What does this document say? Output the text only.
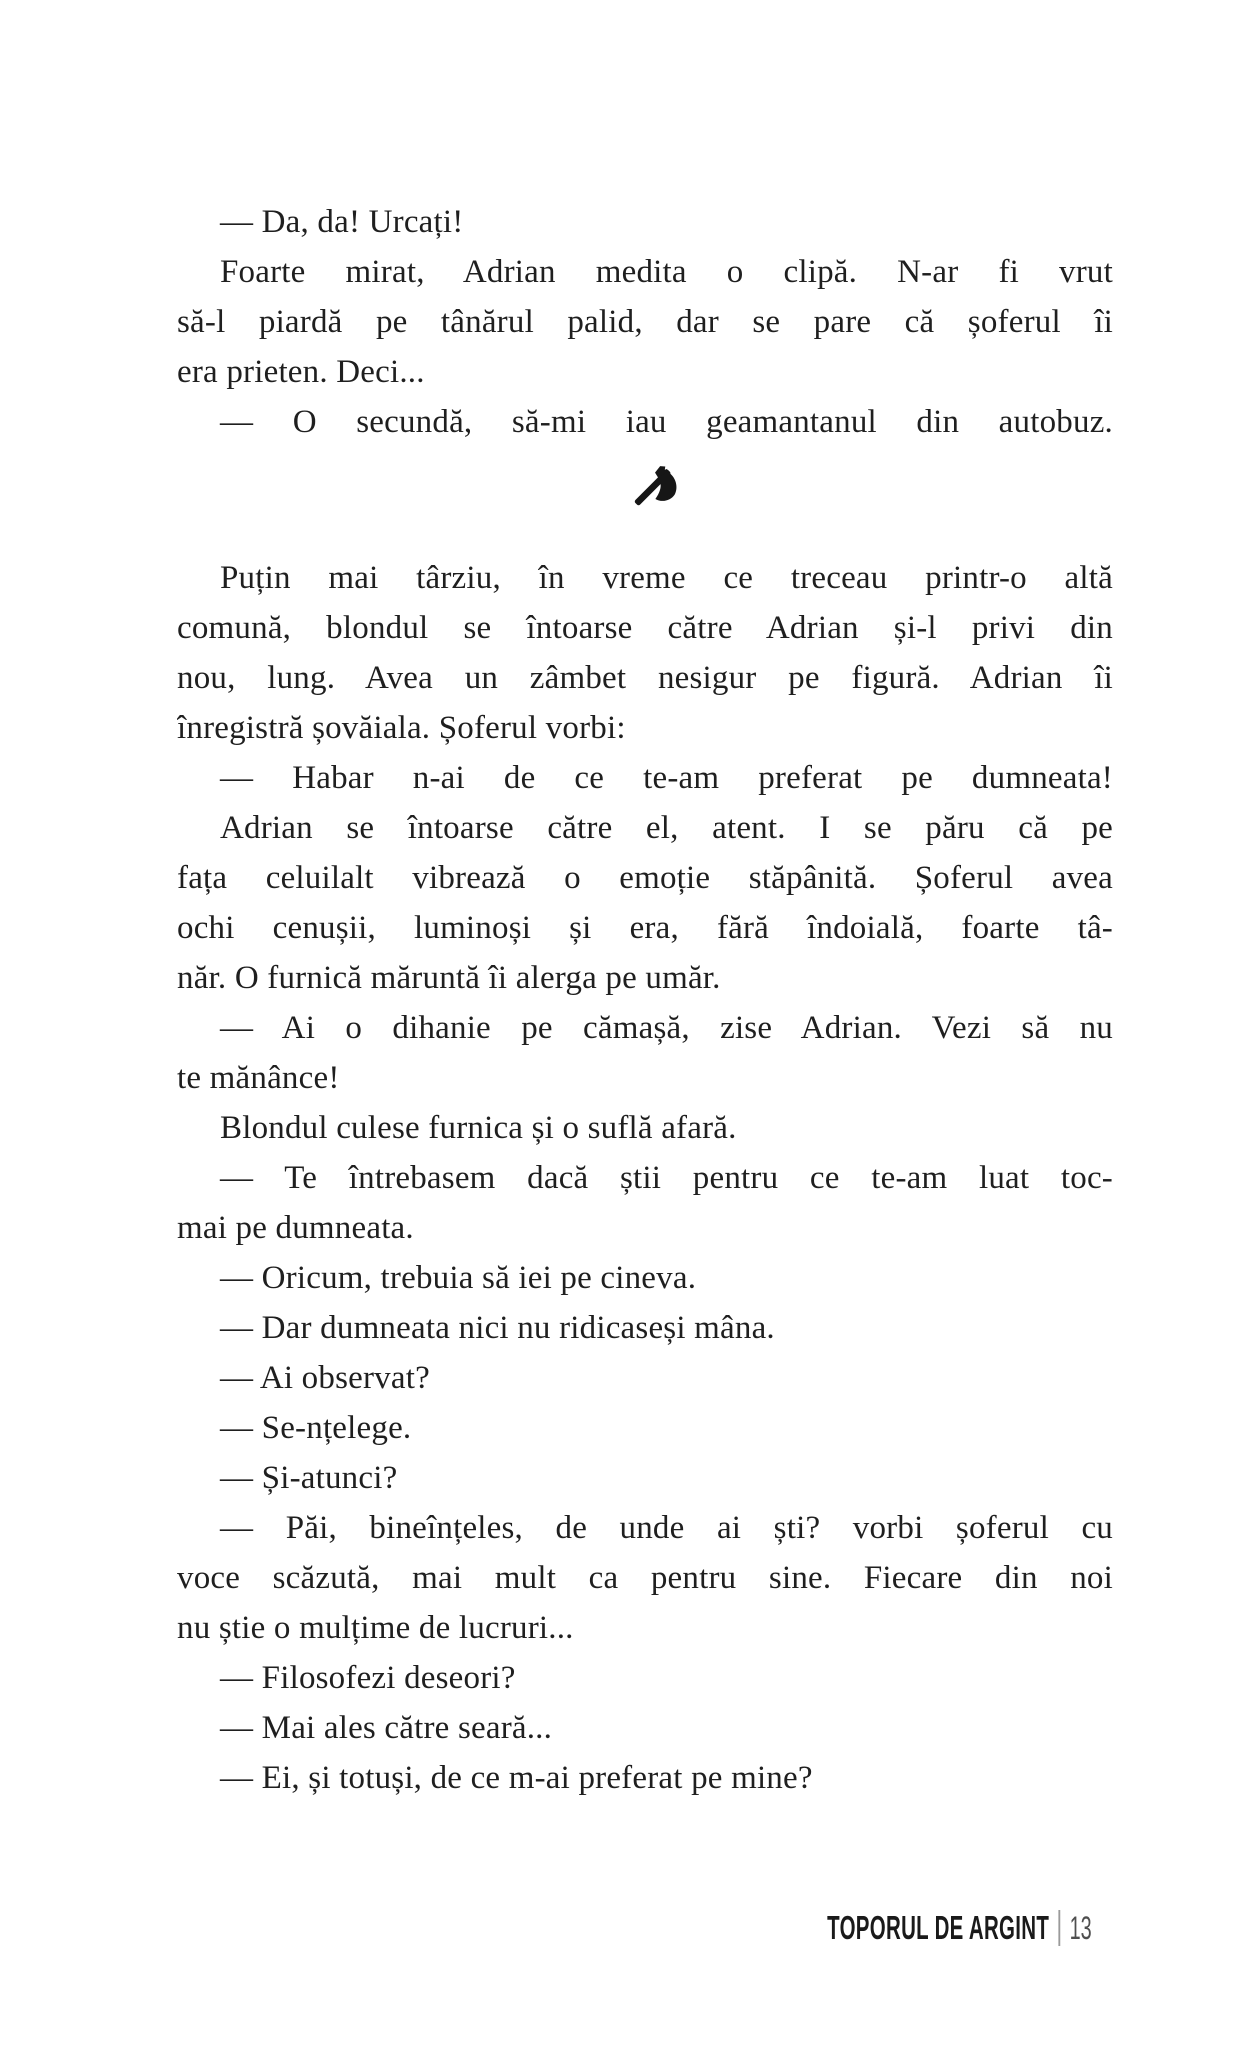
— Da, da! Urcați!
Foarte mirat, Adrian medita o clipă. N-ar fi vrut
să-l piardă pe tânărul palid, dar se pare că șoferul îi
era prieten. Deci...
— O secundă, să-mi iau geamantanul din autobuz.
Puțin mai târziu, în vreme ce treceau printr-o altă
comună, blondul se întoarse către Adrian și-l privi din
nou, lung. Avea un zâmbet nesigur pe figură. Adrian îi
înregistră șovăiala. Șoferul vorbi:
— Habar n-ai de ce te-am preferat pe dumneata!
Adrian se întoarse către el, atent. I se păru că pe
fața celuilalt vibrează o emoție stăpânită. Șoferul avea
ochi cenușii, luminoși și era, fără îndoială, foarte tâ-
năr. O furnică măruntă îi alerga pe umăr.
— Ai o dihanie pe cămașă, zise Adrian. Vezi să nu
te mănânce!
Blondul culese furnica și o suflă afară.
— Te întrebasem dacă știi pentru ce te-am luat toc-
mai pe dumneata.
— Oricum, trebuia să iei pe cineva.
— Dar dumneata nici nu ridicaseși mâna.
— Ai observat?
— Se-nțelege.
— Și-atunci?
— Păi, bineînțeles, de unde ai ști? vorbi șoferul cu
voce scăzută, mai mult ca pentru sine. Fiecare din noi
nu știe o mulțime de lucruri...
— Filosofezi deseori?
— Mai ales către seară...
— Ei, și totuși, de ce m-ai preferat pe mine?
TOPORUL DE ARGINT 13
